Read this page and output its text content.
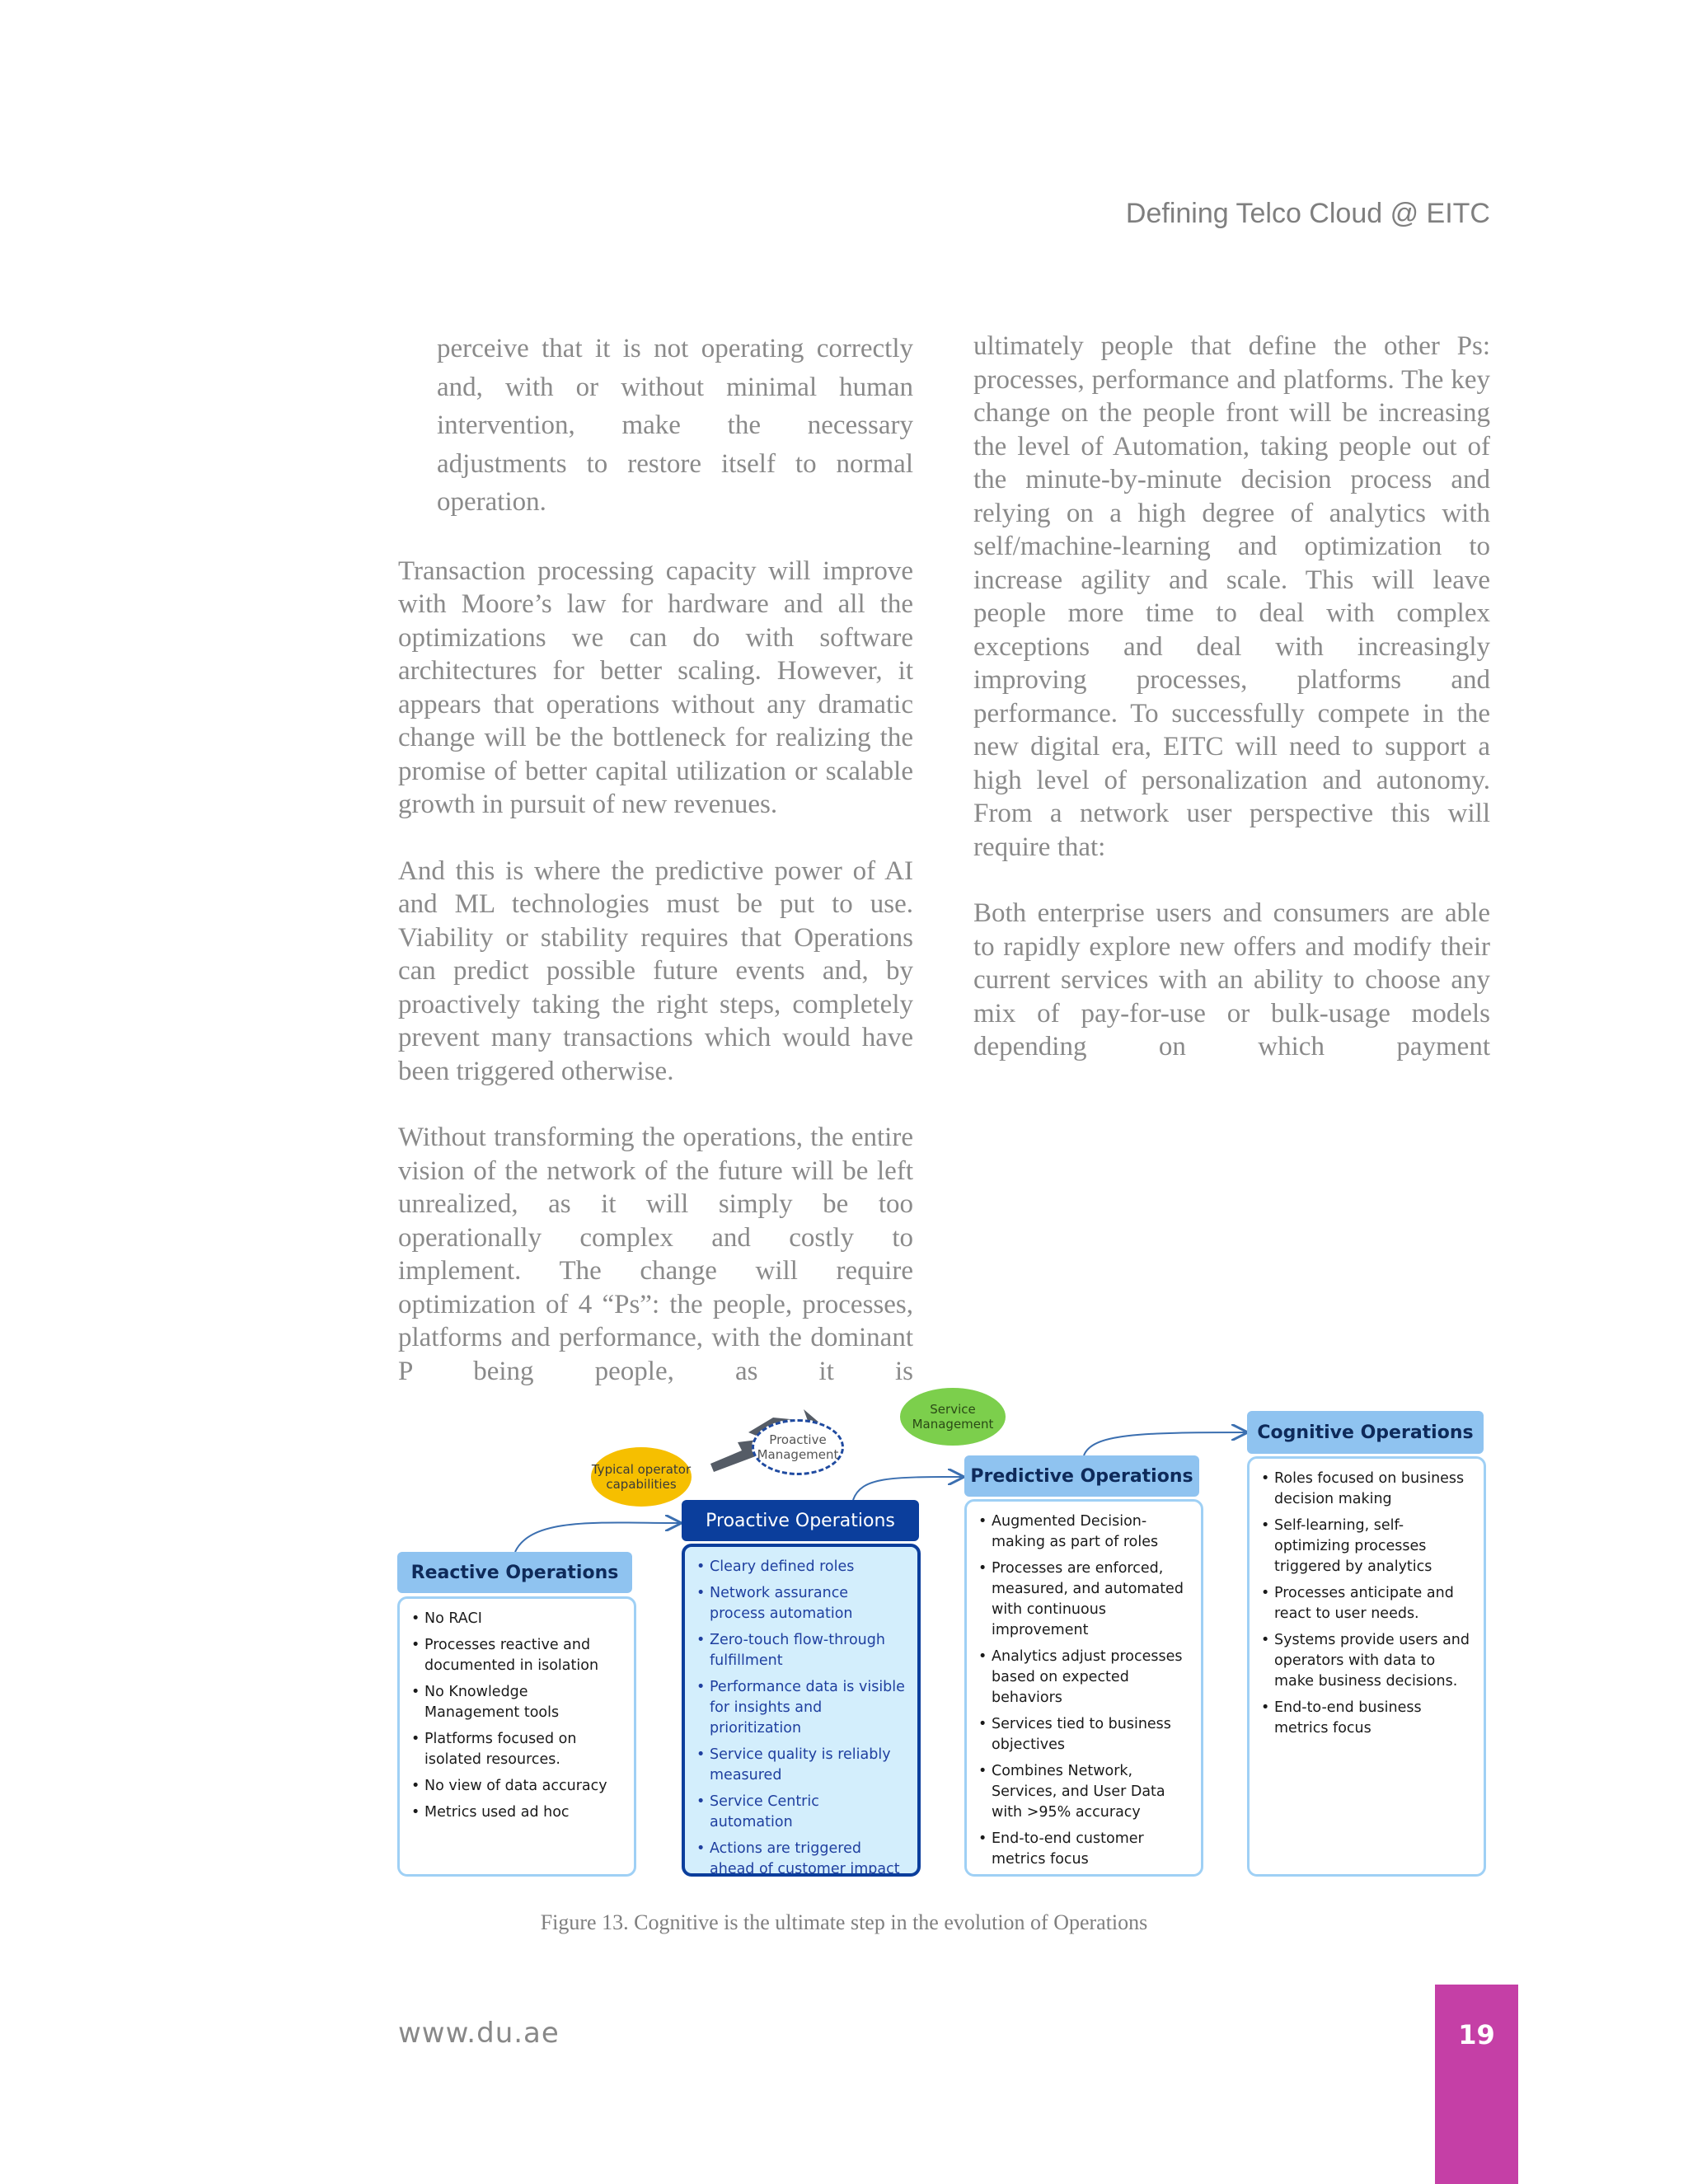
Defining Telco Cloud @ EITC

perceive that it is not operating correctly and, with or without minimal human intervention, make the necessary adjustments to restore itself to normal operation.

Transaction processing capacity will improve with Moore’s law for hardware and all the optimizations we can do with software architectures for better scaling. However, it appears that operations without any dramatic change will be the bottleneck for realizing the promise of better capital utilization or scalable growth in pursuit of new revenues.

And this is where the predictive power of AI and ML technologies must be put to use. Viability or stability requires that Operations can predict possible future events and, by proactively taking the right steps, completely prevent many transactions which would have been triggered otherwise.

Without transforming the operations, the entire vision of the network of the future will be left unrealized, as it will simply be too operationally complex and costly to implement. The change will require optimization of 4 “Ps”: the people, processes, platforms and performance, with the dominant P being people, as it is

ultimately people that define the other Ps: processes, performance and platforms. The key change on the people front will be increasing the level of Automation, taking people out of the minute-by-minute decision process and relying on a high degree of analytics with self/machine-learning and optimization to increase agility and scale. This will leave people more time to deal with complex exceptions and deal with increasingly improving processes, platforms and performance. To successfully compete in the new digital era, EITC will need to support a high level of personalization and autonomy. From a network user perspective this will require that:

Both enterprise users and consumers are able to rapidly explore new offers and modify their current services with an ability to choose any mix of pay-for-use or bulk-usage models depending on which payment

Typical operator capabilities
Proactive Management
Service Management
Reactive Operations
• No RACI
• Processes reactive and documented in isolation
• No Knowledge Management tools
• Platforms focused on isolated resources.
• No view of data accuracy
• Metrics used ad hoc
Proactive Operations
• Cleary defined roles
• Network assurance process automation
• Zero-touch flow-through fulfillment
• Performance data is visible for insights and prioritization
• Service quality is reliably measured
• Service Centric automation
• Actions are triggered ahead of customer impact
Predictive Operations
• Augmented Decision-making as part of roles
• Processes are enforced, measured, and automated with continuous improvement
• Analytics adjust processes based on expected behaviors
• Services tied to business objectives
• Combines Network, Services, and User Data with >95% accuracy
• End-to-end customer metrics focus
Cognitive Operations
• Roles focused on business decision making
• Self-learning, self-optimizing processes triggered by analytics
• Processes anticipate and react to user needs.
• Systems provide users and operators with data to make business decisions.
• End-to-end business metrics focus
Figure 13. Cognitive is the ultimate step in the evolution of Operations
www.du.ae	19
